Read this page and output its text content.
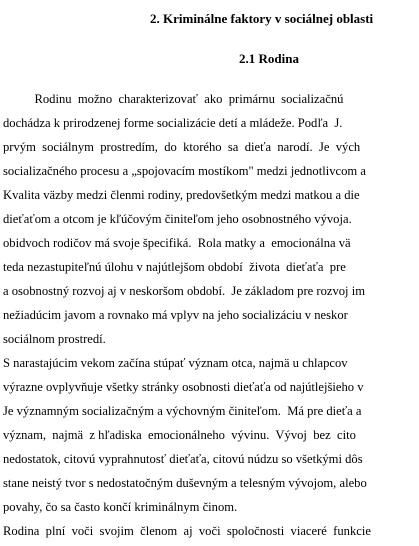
2. Kriminálne faktory v sociálnej oblasti
2.1 Rodina
Rodinu  možno  charakterizovať  ako  primárnu  socializačnú
dochádza k prirodzenej forme socializácie detí a mládeže. Podľa  J.
prvým  sociálnym  prostredím,  do  ktorého  sa  dieťa  narodí.  Je  vých
socializačného procesu a „spojovacím mostíkom" medzi jednotlivcom a
Kvalita väzby medzi členmi rodiny, predovšetkým medzi matkou a die
dieťaťom a otcom je kľúčovým činiteľom jeho osobnostného vývoja.
obidvoch rodičov má svoje špecifiká.  Rola matky a  emocionálna vä
teda nezastupiteľnú úlohu v najútlejšom období  života  dieťaťa  pre
a osobnostný rozvoj aj v neskoršom období.  Je základom pre rozvoj im
nežiadúcim javom a rovnako má vplyv na jeho socializáciu v neskor
sociálnom prostredí.
S narastajúcim vekom začína stúpať význam otca, najmä u chlapcov
výrazne ovplyvňuje všetky stránky osobnosti dieťaťa od najútlejšieho v
Je významným socializačným a výchovným činiteľom.  Má pre dieťa a
význam,  najmä  z hľadiska  emocionálneho  vývinu.  Vývoj  bez  cito
nedostatok, citovú vyprahnutosť dieťaťa, citovú núdzu so všetkými dôs
stane neistý tvor s nedostatočným duševným a telesným vývojom, alebo
povahy, čo sa často končí kriminálnym činom.
Rodina  plní  voči  svojim  členom  aj  voči  spoločnosti  viaceré  funkcie
